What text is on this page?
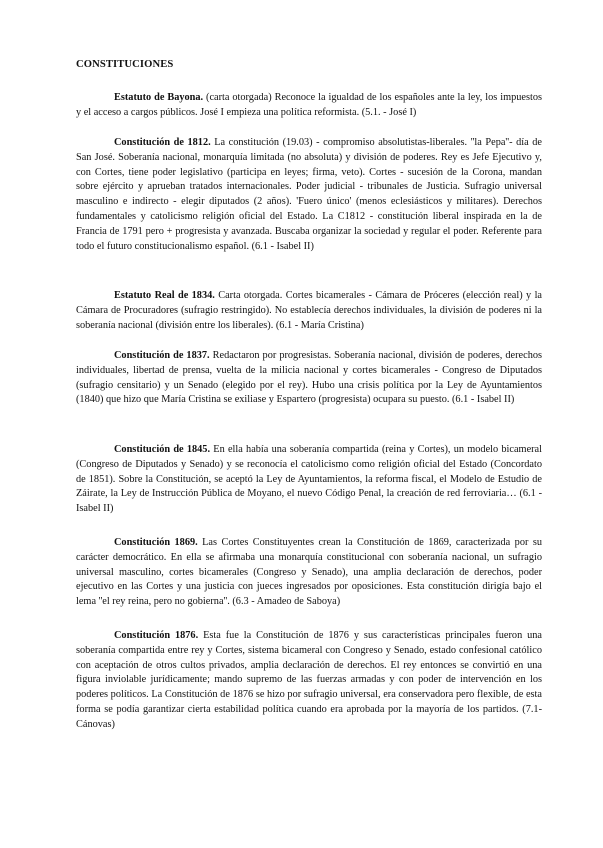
CONSTITUCIONES

Estatuto de Bayona. (carta otorgada) Reconoce la igualdad de los españoles ante la ley, los impuestos y el acceso a cargos públicos. José I empieza una política reformista. (5.1. - José I)

Constitución de 1812. La constitución (19.03) - compromiso absolutistas-liberales. ''la Pepa''- día de San José. Soberanía nacional, monarquía limitada (no absoluta) y división de poderes. Rey es Jefe Ejecutivo y, con Cortes, tiene poder legislativo (participa en leyes; firma, veto). Cortes - sucesión de la Corona, mandan sobre ejército y aprueban tratados internacionales. Poder judicial - tribunales de Justicia. Sufragio universal masculino e indirecto - elegir diputados (2 años). 'Fuero único' (menos eclesiásticos y militares). Derechos fundamentales y catolicismo religión oficial del Estado. La C1812 - constitución liberal inspirada en la de Francia de 1791 pero + progresista y avanzada. Buscaba organizar la sociedad y regular el poder. Referente para todo el futuro constitucionalismo español. (6.1 - Isabel II)

Estatuto Real de 1834. Carta otorgada. Cortes bicamerales - Cámara de Próceres (elección real) y la Cámara de Procuradores (sufragio restringido). No establecía derechos individuales, la división de poderes ni la soberanía nacional (división entre los liberales). (6.1 - María Cristina)

Constitución de 1837. Redactaron por progresistas. Soberanía nacional, división de poderes, derechos individuales, libertad de prensa, vuelta de la milicia nacional y cortes bicamerales - Congreso de Diputados (sufragio censitario) y un Senado (elegido por el rey). Hubo una crisis política por la Ley de Ayuntamientos (1840) que hizo que María Cristina se exiliase y Espartero (progresista) ocupara su puesto. (6.1 - Isabel II)

Constitución de 1845. En ella había una soberanía compartida (reina y Cortes), un modelo bicameral (Congreso de Diputados y Senado) y se reconocía el catolicismo como religión oficial del Estado (Concordato de 1851). Sobre la Constitución, se aceptó la Ley de Ayuntamientos, la reforma fiscal, el Modelo de Estudio de Záirate, la Ley de Instrucción Pública de Moyano, el nuevo Código Penal, la creación de red ferroviaria… (6.1 - Isabel II)

Constitución 1869. Las Cortes Constituyentes crean la Constitución de 1869, caracterizada por su carácter democrático. En ella se afirmaba una monarquía constitucional con soberanía nacional, un sufragio universal masculino, cortes bicamerales (Congreso y Senado), una amplia declaración de derechos, poder ejecutivo en las Cortes y una justicia con jueces ingresados por oposiciones. Esta constitución dirigía bajo el lema ''el rey reina, pero no gobierna''. (6.3 - Amadeo de Saboya)

Constitución 1876. Esta fue la Constitución de 1876 y sus características principales fueron una soberanía compartida entre rey y Cortes, sistema bicameral con Congreso y Senado, estado confesional católico con aceptación de otros cultos privados, amplia declaración de derechos. El rey entonces se convirtió en una figura inviolable jurídicamente; mando supremo de las fuerzas armadas y con poder de intervención en los poderes políticos. La Constitución de 1876 se hizo por sufragio universal, era conservadora pero flexible, de esta forma se podía garantizar cierta estabilidad política cuando era aprobada por la mayoría de los partidos. (7.1-Cánovas)
